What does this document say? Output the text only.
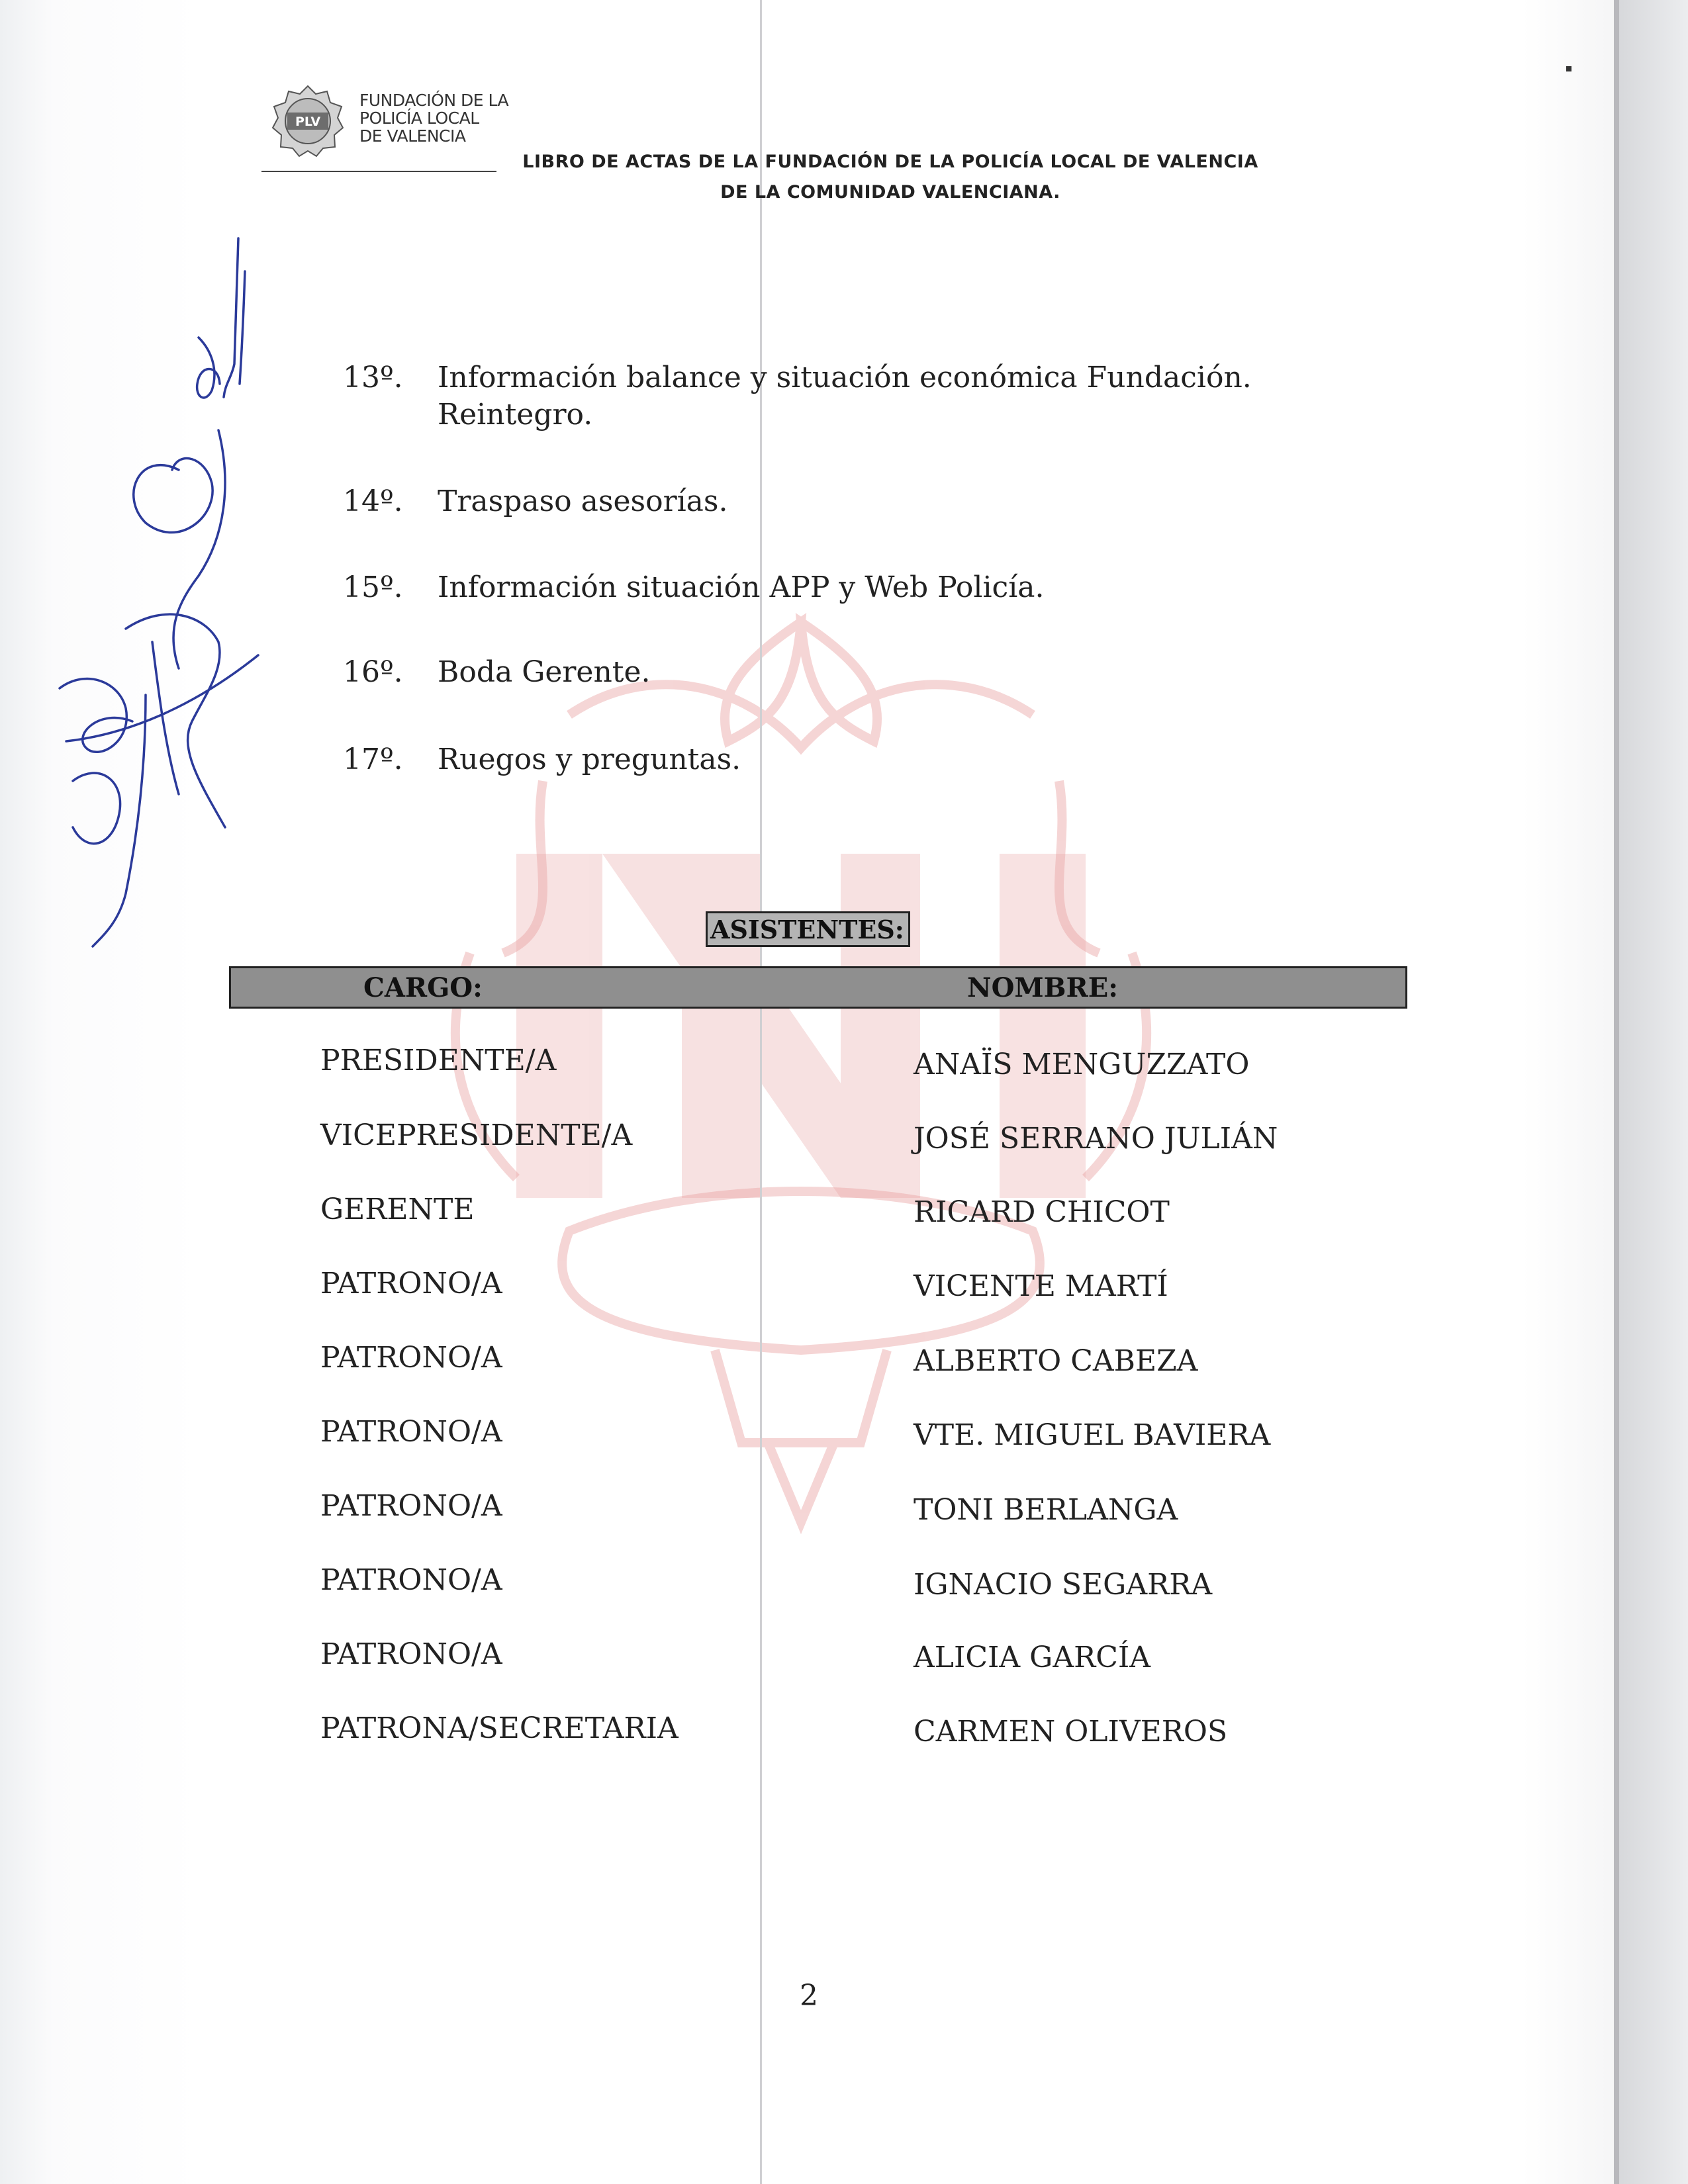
PLV
FUNDACIÓN DE LA
POLICÍA LOCAL
DE VALENCIA
LIBRO DE ACTAS DE LA FUNDACIÓN DE LA POLICÍA LOCAL DE VALENCIA
DE LA COMUNIDAD VALENCIANA.
13º.	Información balance y situación económica Fundación.
Reintegro.
14º.	Traspaso asesorías.
15º.	Información situación APP y Web Policía.
16º.	Boda Gerente.
17º.	Ruegos y preguntas.
ASISTENTES:
CARGO:	NOMBRE:
PRESIDENTE/A	ANAÏS MENGUZZATO
VICEPRESIDENTE/A	JOSÉ SERRANO JULIÁN
GERENTE	RICARD CHICOT
PATRONO/A	VICENTE MARTÍ
PATRONO/A	ALBERTO CABEZA
PATRONO/A	VTE. MIGUEL BAVIERA
PATRONO/A	TONI BERLANGA
PATRONO/A	IGNACIO SEGARRA
PATRONO/A	ALICIA GARCÍA
PATRONA/SECRETARIA	CARMEN OLIVEROS
2
